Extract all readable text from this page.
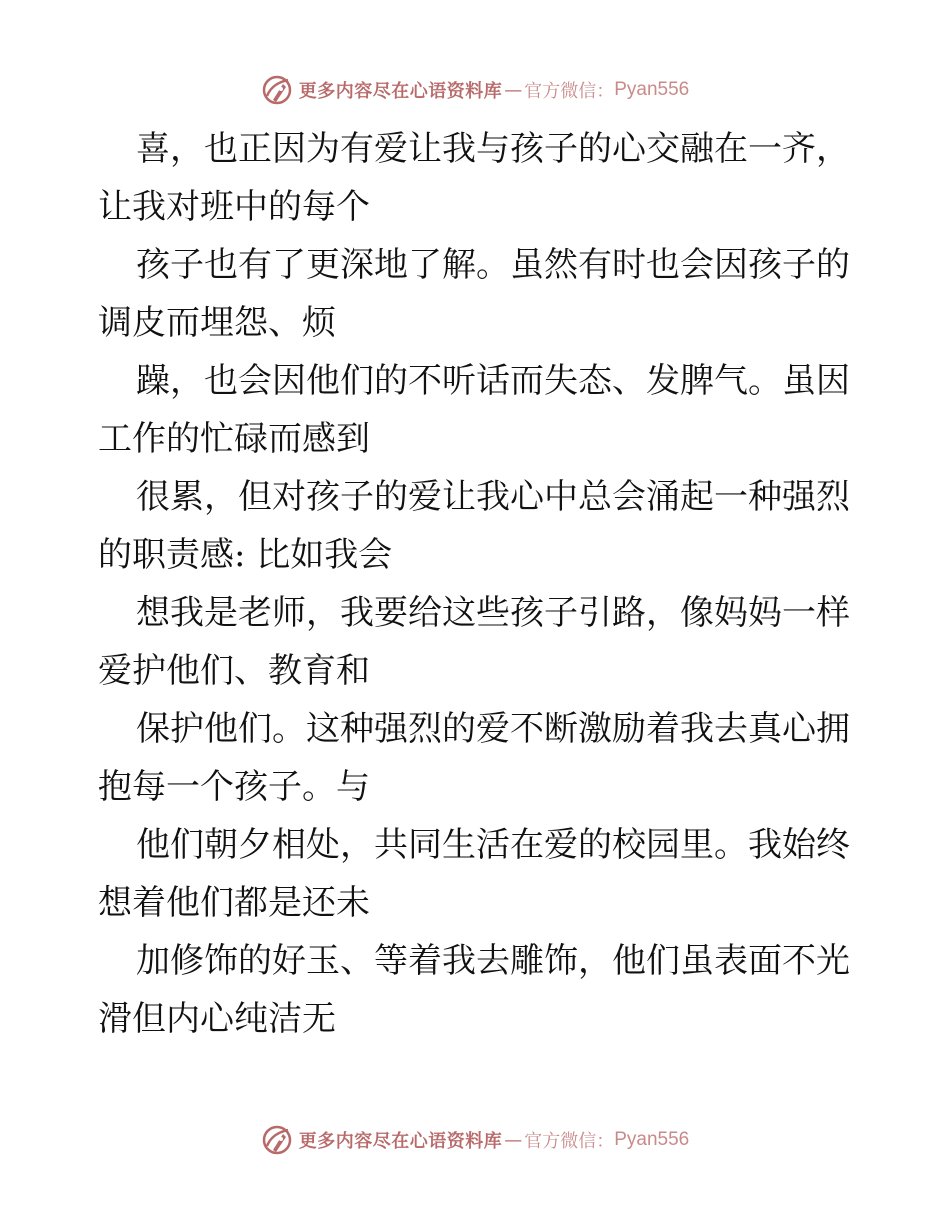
更多内容尽在心语资料库 — 官方微信： Pyan556
喜，也正因为有爱让我与孩子的心交融在一齐，
让我对班中的每个
孩子也有了更深地了解。虽然有时也会因孩子的
调皮而埋怨、烦
躁，也会因他们的不听话而失态、发脾气。虽因
工作的忙碌而感到
很累，但对孩子的爱让我心中总会涌起一种强烈
的职责感: 比如我会
想我是老师，我要给这些孩子引路，像妈妈一样
爱护他们、教育和
保护他们。这种强烈的爱不断激励着我去真心拥
抱每一个孩子。与
他们朝夕相处，共同生活在爱的校园里。我始终
想着他们都是还未
加修饰的好玉、等着我去雕饰，他们虽表面不光
滑但内心纯洁无
更多内容尽在心语资料库 — 官方微信： Pyan556
